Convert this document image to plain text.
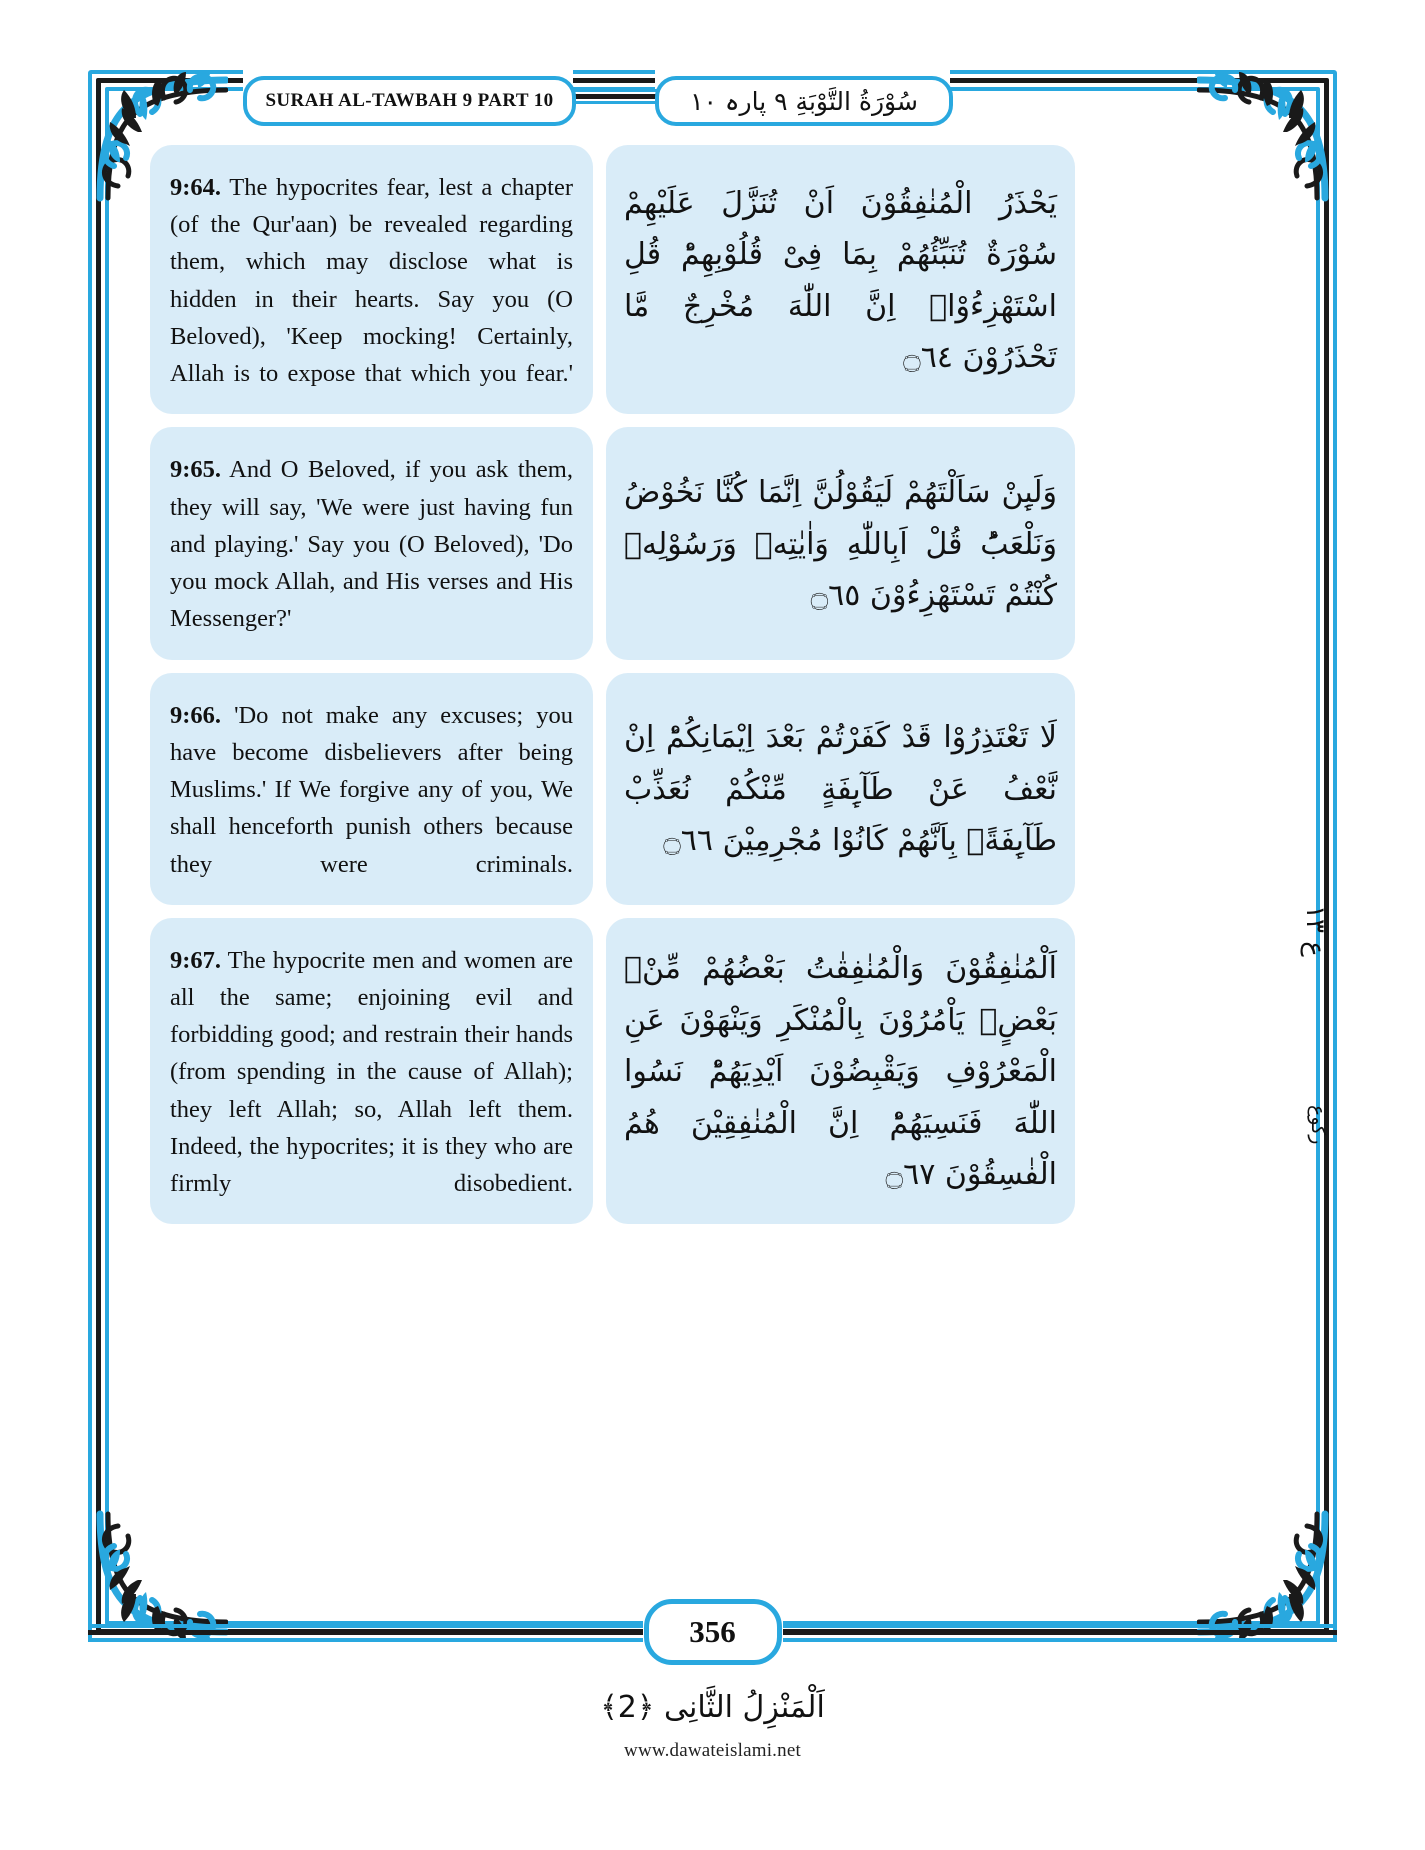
SURAH AL-TAWBAH 9 PART 10	سُوْرَةُ التَّوْبَةِ ٩ پارہ ١٠
9:64. The hypocrites fear, lest a chapter (of the Qur'aan) be revealed regarding them, which may disclose what is hidden in their hearts. Say you (O Beloved), 'Keep mocking! Certainly, Allah is to expose that which you fear.'
يَحْذَرُ الْمُنٰفِقُوْنَ اَنْ تُنَزَّلَ عَلَيْهِمْ سُوْرَةٌ تُنَبِّئُهُمْ بِمَا فِیْ قُلُوْبِهِمْؕ قُلِ اسْتَهْزِءُوْاۚ اِنَّ اللّٰهَ مُخْرِجٌ مَّا تَحْذَرُوْنَ ۝٦٤
9:65. And O Beloved, if you ask them, they will say, 'We were just having fun and playing.' Say you (O Beloved), 'Do you mock Allah, and His verses and His Messenger?'
وَلَىِٕنْ سَاَلْتَهُمْ لَيَقُوْلُنَّ اِنَّمَا كُنَّا نَخُوْضُ وَنَلْعَبُؕ قُلْ اَبِاللّٰهِ وَاٰيٰتِهٖ وَرَسُوْلِهٖ كُنْتُمْ تَسْتَهْزِءُوْنَ ۝٦٥
9:66. 'Do not make any excuses; you have become disbelievers after being Muslims.' If We forgive any of you, We shall henceforth punish others because they were criminals.
لَا تَعْتَذِرُوْا قَدْ كَفَرْتُمْ بَعْدَ اِيْمَانِكُمْؕ اِنْ نَّعْفُ عَنْ طَآىِٕفَةٍ مِّنْكُمْ نُعَذِّبْ طَآىِٕفَةًۢ بِاَنَّهُمْ كَانُوْا مُجْرِمِيْنَ ۝٦٦
9:67. The hypocrite men and women are all the same; enjoining evil and forbidding good; and restrain their hands (from spending in the cause of Allah); they left Allah; so, Allah left them. Indeed, the hypocrites; it is they who are firmly disobedient.
اَلْمُنٰفِقُوْنَ وَالْمُنٰفِقٰتُ بَعْضُهُمْ مِّنْۢ بَعْضٍۘ يَاْمُرُوْنَ بِالْمُنْكَرِ وَيَنْهَوْنَ عَنِ الْمَعْرُوْفِ وَيَقْبِضُوْنَ اَيْدِيَهُمْؕ نَسُوا اللّٰهَ فَنَسِيَهُمْؕ اِنَّ الْمُنٰفِقِيْنَ هُمُ الْفٰسِقُوْنَ ۝٦٧
ع ١٣
رکوع
356
اَلْمَنْزِلُ الثَّانِی ﴿2﴾
www.dawateislami.net
